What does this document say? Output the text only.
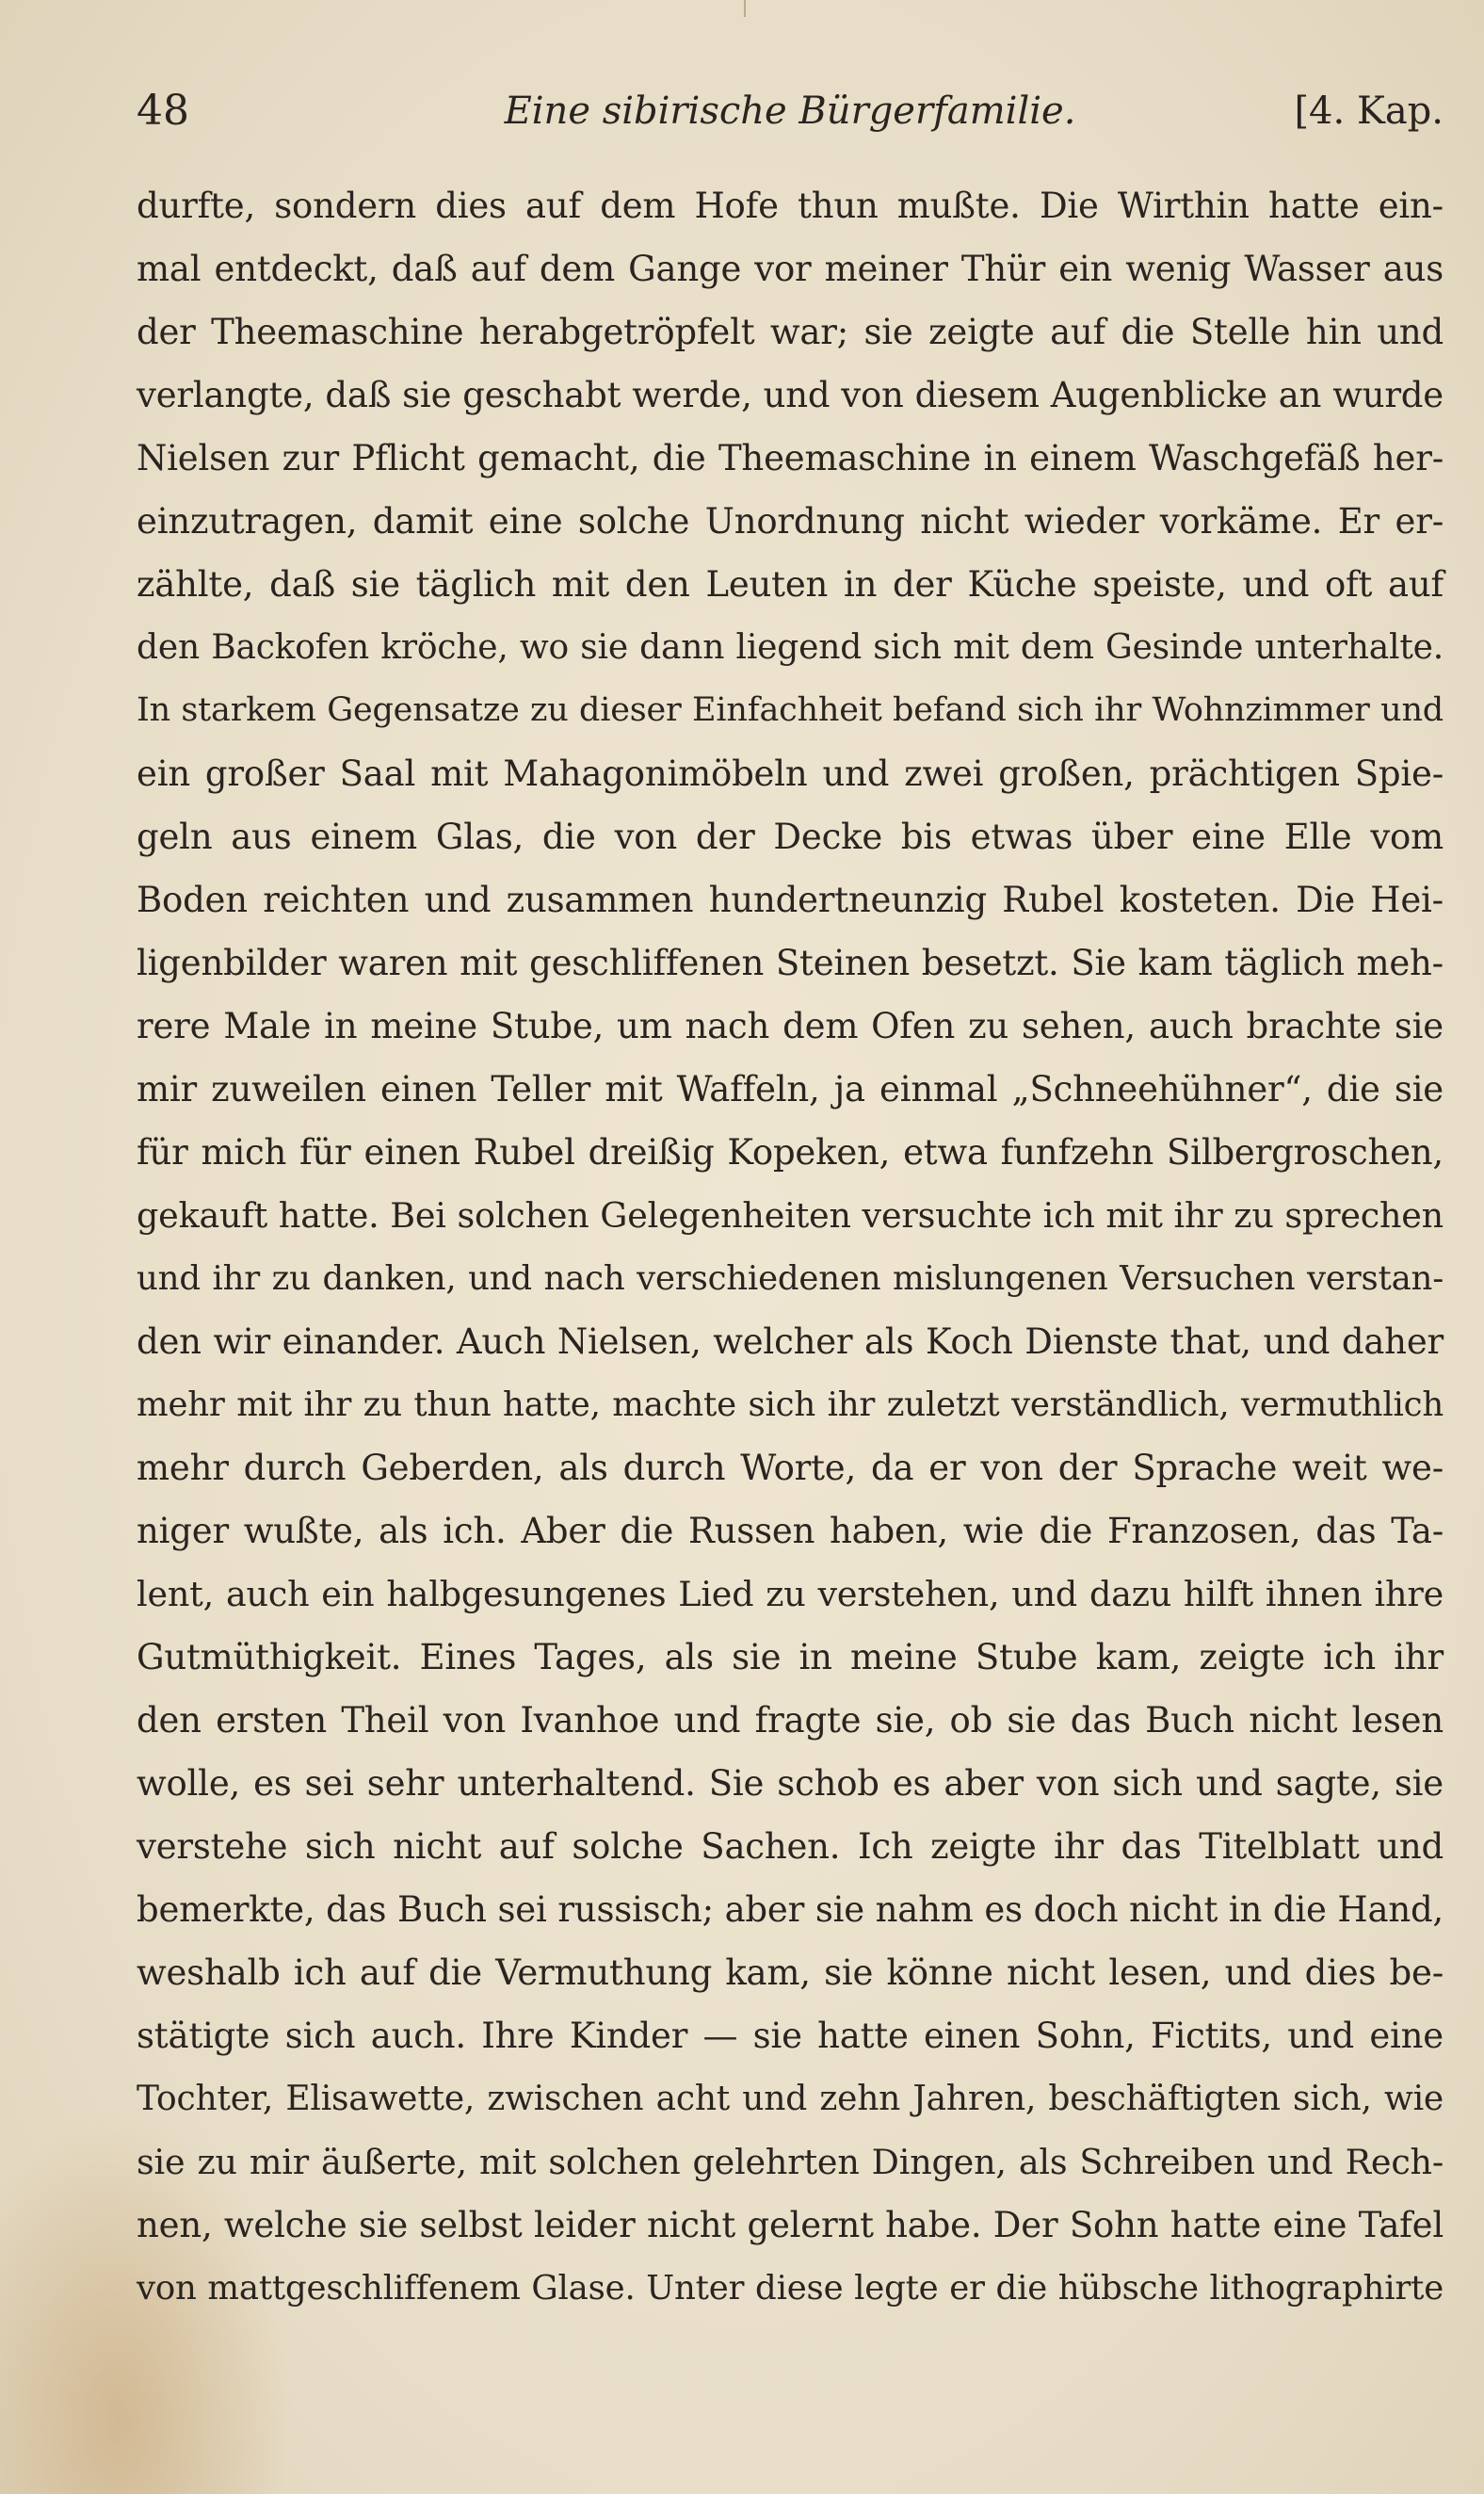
48	Eine sibirische Bürgerfamilie.	[4. Kap.
durfte, sondern dies auf dem Hofe thun mußte. Die Wirthin hatte ein-
mal entdeckt, daß auf dem Gange vor meiner Thür ein wenig Wasser aus
der Theemaschine herabgetröpfelt war; sie zeigte auf die Stelle hin und
verlangte, daß sie geschabt werde, und von diesem Augenblicke an wurde
Nielsen zur Pflicht gemacht, die Theemaschine in einem Waschgefäß her-
einzutragen, damit eine solche Unordnung nicht wieder vorkäme. Er er-
zählte, daß sie täglich mit den Leuten in der Küche speiste, und oft auf
den Backofen kröche, wo sie dann liegend sich mit dem Gesinde unterhalte.
In starkem Gegensatze zu dieser Einfachheit befand sich ihr Wohnzimmer und
ein großer Saal mit Mahagonimöbeln und zwei großen, prächtigen Spie-
geln aus einem Glas, die von der Decke bis etwas über eine Elle vom
Boden reichten und zusammen hundertneunzig Rubel kosteten. Die Hei-
ligenbilder waren mit geschliffenen Steinen besetzt. Sie kam täglich meh-
rere Male in meine Stube, um nach dem Ofen zu sehen, auch brachte sie
mir zuweilen einen Teller mit Waffeln, ja einmal „Schneehühner“, die sie
für mich für einen Rubel dreißig Kopeken, etwa funfzehn Silbergroschen,
gekauft hatte. Bei solchen Gelegenheiten versuchte ich mit ihr zu sprechen
und ihr zu danken, und nach verschiedenen mislungenen Versuchen verstan-
den wir einander. Auch Nielsen, welcher als Koch Dienste that, und daher
mehr mit ihr zu thun hatte, machte sich ihr zuletzt verständlich, vermuthlich
mehr durch Geberden, als durch Worte, da er von der Sprache weit we-
niger wußte, als ich. Aber die Russen haben, wie die Franzosen, das Ta-
lent, auch ein halbgesungenes Lied zu verstehen, und dazu hilft ihnen ihre
Gutmüthigkeit. Eines Tages, als sie in meine Stube kam, zeigte ich ihr
den ersten Theil von Ivanhoe und fragte sie, ob sie das Buch nicht lesen
wolle, es sei sehr unterhaltend. Sie schob es aber von sich und sagte, sie
verstehe sich nicht auf solche Sachen. Ich zeigte ihr das Titelblatt und
bemerkte, das Buch sei russisch; aber sie nahm es doch nicht in die Hand,
weshalb ich auf die Vermuthung kam, sie könne nicht lesen, und dies be-
stätigte sich auch. Ihre Kinder — sie hatte einen Sohn, Fictits, und eine
Tochter, Elisawette, zwischen acht und zehn Jahren, beschäftigten sich, wie
sie zu mir äußerte, mit solchen gelehrten Dingen, als Schreiben und Rech-
nen, welche sie selbst leider nicht gelernt habe. Der Sohn hatte eine Tafel
von mattgeschliffenem Glase. Unter diese legte er die hübsche lithographirte
